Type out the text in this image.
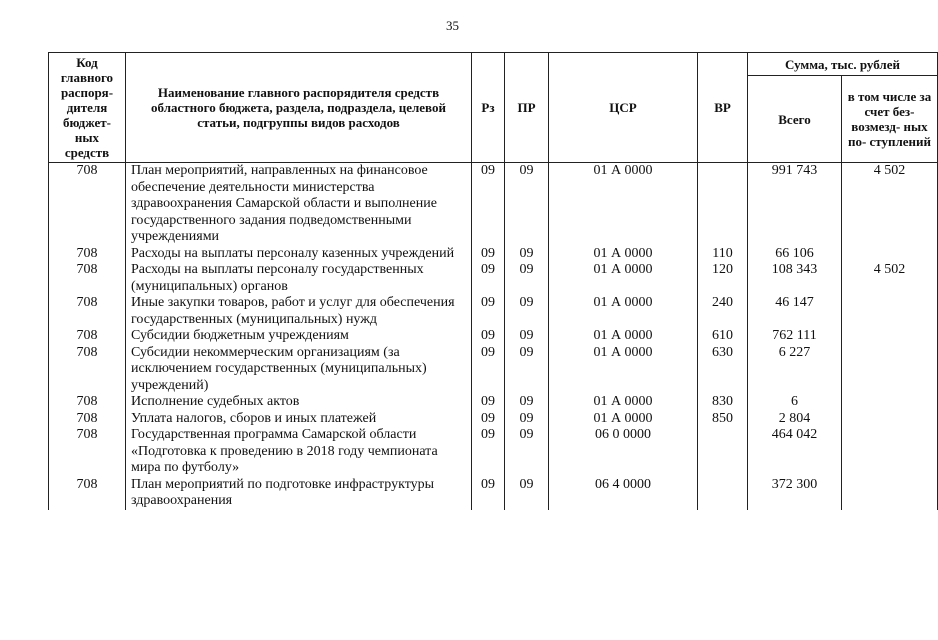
35
Код главного распоря- дителя бюджет- ных средств	Наименование главного распорядителя средств областного бюджета, раздела, подраздела, целевой статьи, подгруппы видов расходов	Рз	ПР	ЦСР	ВР	Сумма, тыс. рублей	
						Всего	в том числе за счет без- возмезд- ных по- ступлений
708	План мероприятий, направленных на финансовое обеспечение деятельности министерства здравоохранения Самарской области и выполнение государственного задания подведомственными учреждениями	09	09	01 А 0000		991 743	4 502
708	Расходы на выплаты персоналу казенных учреждений	09	09	01 А 0000	110	66 106	
708	Расходы на выплаты персоналу государственных (муниципальных) органов	09	09	01 А 0000	120	108 343	4 502
708	Иные закупки товаров, работ и услуг для обеспечения государственных (муниципальных) нужд	09	09	01 А 0000	240	46 147	
708	Субсидии бюджетным учреждениям	09	09	01 А 0000	610	762 111	
708	Субсидии некоммерческим организациям (за исключением государственных (муниципальных) учреждений)	09	09	01 А 0000	630	6 227	
708	Исполнение судебных актов	09	09	01 А 0000	830	6	
708	Уплата налогов, сборов и иных платежей	09	09	01 А 0000	850	2 804	
708	Государственная программа Самарской области «Подготовка к проведению в 2018 году чемпионата мира по футболу»	09	09	06 0 0000		464 042	
708	План мероприятий по подготовке инфраструктуры здравоохранения	09	09	06 4 0000		372 300	
